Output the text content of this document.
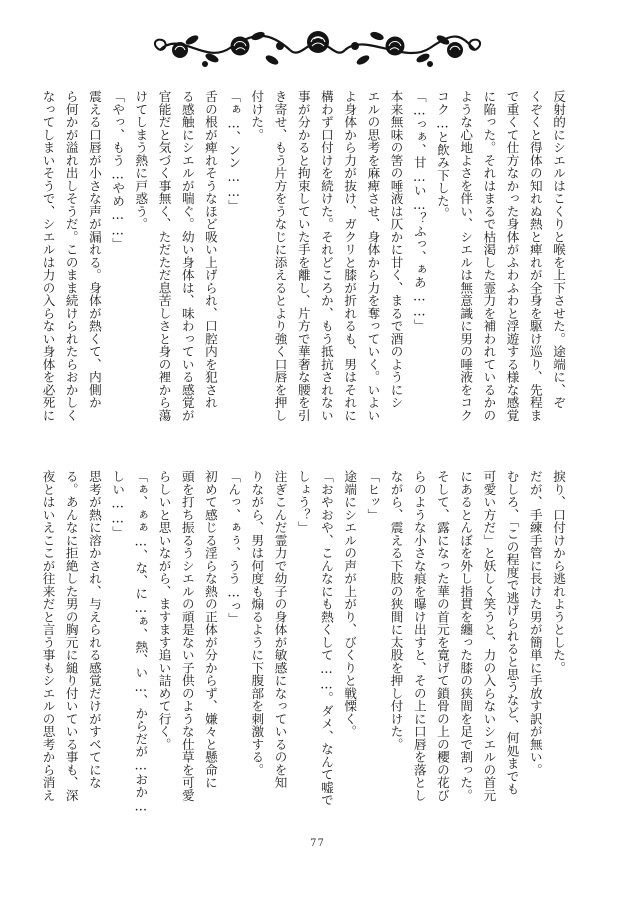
反射的にシエルはこくりと喉を上下させた。途端に、ぞ
くぞくと得体の知れぬ熱と痺れが全身を駆け巡り、先程ま
で重くて仕方なかった身体がふわふわと浮遊する様な感覚
に陥った。それはまるで枯渇した霊力を補われているかの
ような心地よさを伴い、シエルは無意識に男の唾液をコク
コク…と飲み下した。
「…っぁ、甘…い…？ふっ、ぁあ……」
本来無味の筈の唾液は仄かに甘く、まるで酒のようにシ
エルの思考を麻痺させ、身体から力を奪っていく。いよい
よ身体から力が抜け、ガクリと膝が折れるも、男はそれに
構わず口付けを続けた。それどころか、もう抵抗されない
事が分かると拘束していた手を離し、片方で華奢な腰を引
き寄せ、もう片方をうなじに添えるとより強く口唇を押し
付けた。
「ぁ…、ンン……」
舌の根が痺れそうなほど吸い上げられ、口腔内を犯され
る感触にシエルが喘ぐ。幼い身体は、味わっている感覚が
官能だと気づく事無く、ただただ息苦しさと身の裡から蕩
けてしまう熱に戸惑う。
「やっ、もう…やめ……」
震える口唇が小さな声が漏れる。身体が熱くて、内側か
ら何かが溢れ出しそうだ。このまま続けられたらおかしく
なってしまいそうで、シエルは力の入らない身体を必死に
捩り、口付けから逃れようとした。
だが、手練手管に長けた男が簡単に手放す訳が無い。
むしろ、「この程度で逃げられると思うなど、何処までも
可愛い方だ」と妖しく笑うと、力の入らないシエルの首元
にあるとんぼを外し指貫を纏った膝の狭間を足で割った。
そして、露になった華の首元を寛げて鎖骨の上の櫻の花び
らのような小さな痕を曝け出すと、その上に口唇を落とし
ながら、震える下肢の狭間に太股を押し付けた。
「ヒッ」
途端にシエルの声が上がり、びくりと戦慄く。
「おやおや、こんなにも熱くして……。ダメ、なんて嘘で
しょう？」
注ぎこんだ霊力で幼子の身体が敏感になっているのを知
りながら、男は何度も煽るように下腹部を刺激する。
「んっ、ぁぅ、うう…っ」
初めて感じる淫らな熱の正体が分からず、嫌々と懸命に
頭を打ち振るうシエルの頑是ない子供のような仕草を可愛
らしいと思いながら、ますます追い詰めて行く。
「ぁ、ぁぁ…、な、に…ぁ、熱、い…、からだが…おか…
しい……」
思考が熱に溶かされ、与えられる感覚だけがすべてにな
る。あんなに拒絶した男の胸元に縋り付いている事も、深
夜とはいえここが往来だと言う事もシエルの思考から消え
77
